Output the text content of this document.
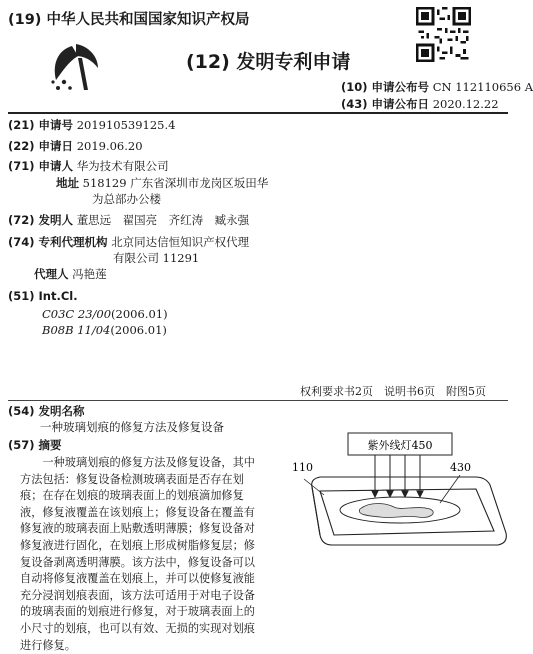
(19) 中华人民共和国国家知识产权局
(12) 发明专利申请
(10) 申请公布号 CN 112110656 A
(43) 申请公布日 2020.12.22
(21) 申请号 201910539125.4
(22) 申请日 2019.06.20
(71) 申请人 华为技术有限公司
地址 518129 广东省深圳市龙岗区坂田华
为总部办公楼
(72) 发明人 董思远　翟国亮　齐红涛　臧永强
(74) 专利代理机构 北京同达信恒知识产权代理
有限公司 11291
代理人 冯艳莲
(51) Int.Cl.
C03C 23/00(2006.01)
B08B 11/04(2006.01)
权利要求书2页　说明书6页　附图5页
(54) 发明名称
一种玻璃划痕的修复方法及修复设备
(57) 摘要
一种玻璃划痕的修复方法及修复设备，其中
方法包括：修复设备检测玻璃表面是否存在划
痕；在存在划痕的玻璃表面上的划痕滴加修复
液，修复液覆盖在该划痕上；修复设备在覆盖有
修复液的玻璃表面上贴敷透明薄膜；修复设备对
修复液进行固化，在划痕上形成树脂修复层；修
复设备剥离透明薄膜。该方法中，修复设备可以
自动将修复液覆盖在划痕上，并可以使修复液能
充分浸润划痕表面，该方法可适用于对电子设备
的玻璃表面的划痕进行修复，对于玻璃表面上的
小尺寸的划痕，也可以有效、无损的实现对划痕
进行修复。
紫外线灯450
110	430
